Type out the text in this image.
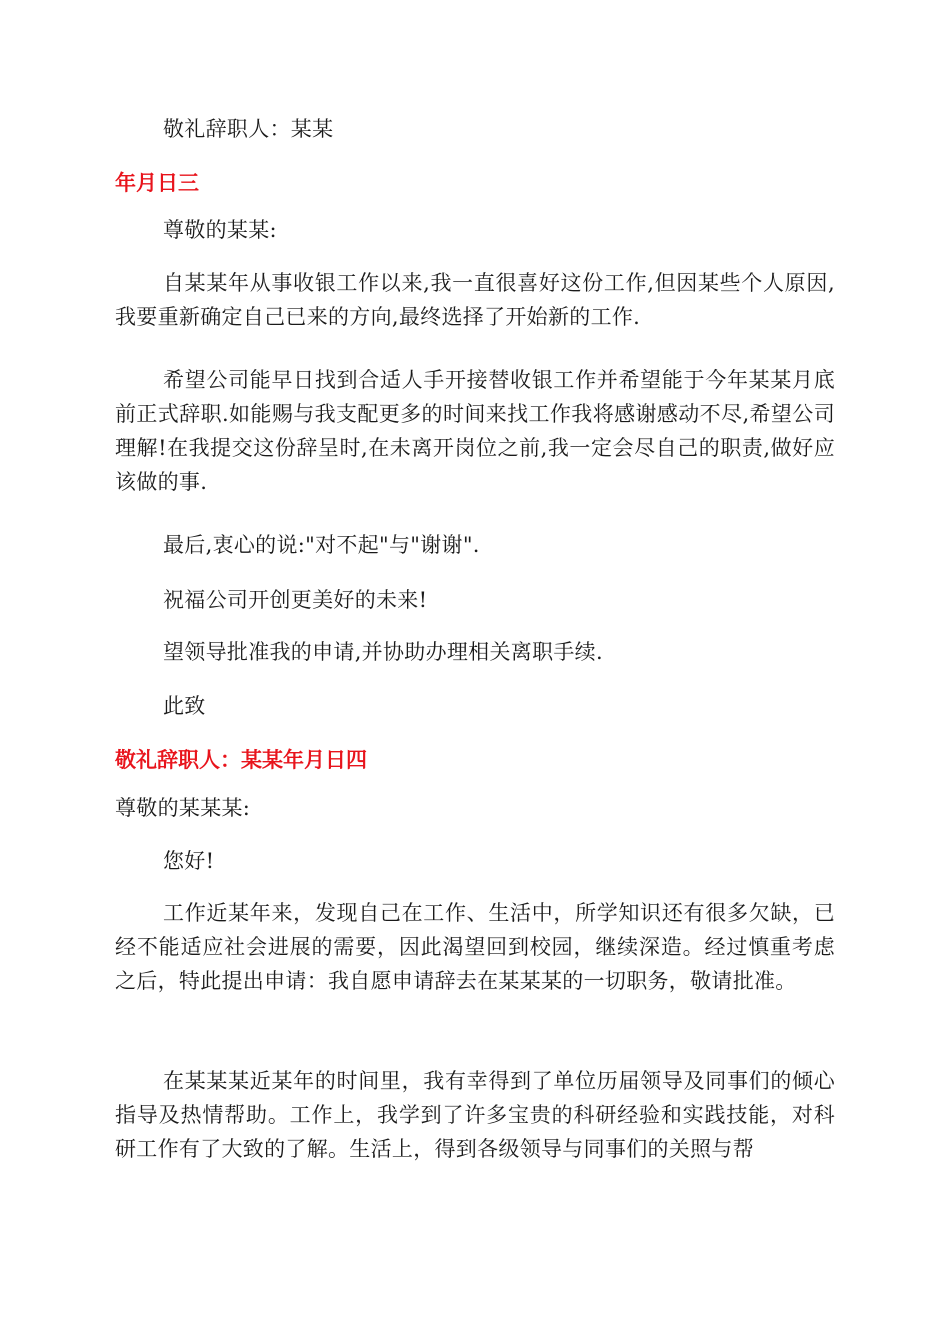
敬礼辞职人：某某

年月日三

尊敬的某某:

自某某年从事收银工作以来,我一直很喜好这份工作,但因某些个人原因,我要重新确定自己已来的方向,最终选择了开始新的工作.

希望公司能早日找到合适人手开接替收银工作并希望能于今年某某月底前正式辞职.如能赐与我支配更多的时间来找工作我将感谢感动不尽,希望公司理解!在我提交这份辞呈时,在未离开岗位之前,我一定会尽自己的职责,做好应该做的事.

最后,衷心的说:"对不起"与"谢谢".

祝福公司开创更美好的未来!

望领导批准我的申请,并协助办理相关离职手续.

此致

敬礼辞职人：某某年月日四

尊敬的某某某:

您好!

工作近某年来，发现自己在工作、生活中，所学知识还有很多欠缺，已经不能适应社会进展的需要，因此渴望回到校园，继续深造。经过慎重考虑之后，特此提出申请：我自愿申请辞去在某某某的一切职务，敬请批准。

在某某某近某年的时间里，我有幸得到了单位历届领导及同事们的倾心指导及热情帮助。工作上，我学到了许多宝贵的科研经验和实践技能，对科研工作有了大致的了解。生活上，得到各级领导与同事们的关照与帮
